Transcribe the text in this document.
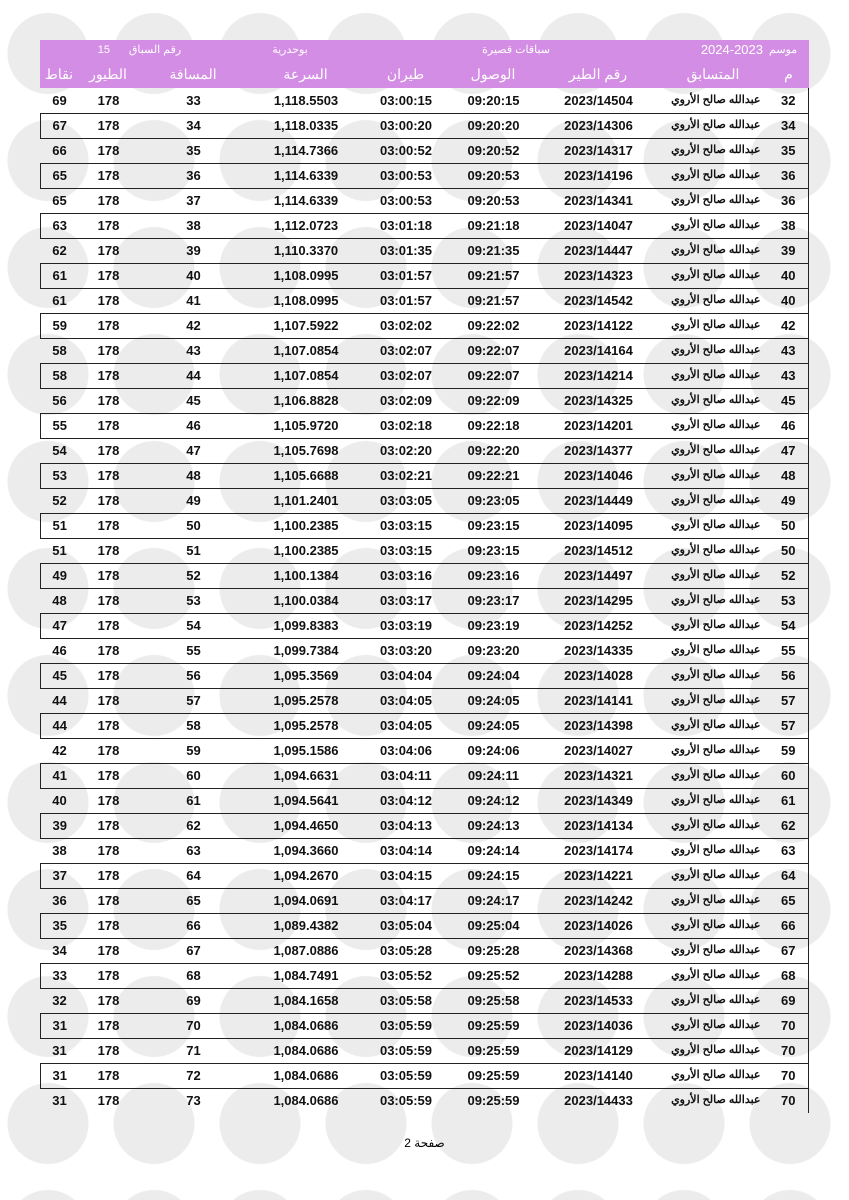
15	رقم السباق	بوحدرية	سباقات قصيرة	2024-2023 موسم
نقاط	الطيور	المسافة	السرعة	طيران	الوصول	رقم الطير	المتسابق	م
69	178	33	1,118.5503	03:00:15	09:20:15	2023/14504	عبدالله صالح الأروي	32
67	178	34	1,118.0335	03:00:20	09:20:20	2023/14306	عبدالله صالح الأروي	34
66	178	35	1,114.7366	03:00:52	09:20:52	2023/14317	عبدالله صالح الأروي	35
65	178	36	1,114.6339	03:00:53	09:20:53	2023/14196	عبدالله صالح الأروي	36
65	178	37	1,114.6339	03:00:53	09:20:53	2023/14341	عبدالله صالح الأروي	36
63	178	38	1,112.0723	03:01:18	09:21:18	2023/14047	عبدالله صالح الأروي	38
62	178	39	1,110.3370	03:01:35	09:21:35	2023/14447	عبدالله صالح الأروي	39
61	178	40	1,108.0995	03:01:57	09:21:57	2023/14323	عبدالله صالح الأروي	40
61	178	41	1,108.0995	03:01:57	09:21:57	2023/14542	عبدالله صالح الأروي	40
59	178	42	1,107.5922	03:02:02	09:22:02	2023/14122	عبدالله صالح الأروي	42
58	178	43	1,107.0854	03:02:07	09:22:07	2023/14164	عبدالله صالح الأروي	43
58	178	44	1,107.0854	03:02:07	09:22:07	2023/14214	عبدالله صالح الأروي	43
56	178	45	1,106.8828	03:02:09	09:22:09	2023/14325	عبدالله صالح الأروي	45
55	178	46	1,105.9720	03:02:18	09:22:18	2023/14201	عبدالله صالح الأروي	46
54	178	47	1,105.7698	03:02:20	09:22:20	2023/14377	عبدالله صالح الأروي	47
53	178	48	1,105.6688	03:02:21	09:22:21	2023/14046	عبدالله صالح الأروي	48
52	178	49	1,101.2401	03:03:05	09:23:05	2023/14449	عبدالله صالح الأروي	49
51	178	50	1,100.2385	03:03:15	09:23:15	2023/14095	عبدالله صالح الأروي	50
51	178	51	1,100.2385	03:03:15	09:23:15	2023/14512	عبدالله صالح الأروي	50
49	178	52	1,100.1384	03:03:16	09:23:16	2023/14497	عبدالله صالح الأروي	52
48	178	53	1,100.0384	03:03:17	09:23:17	2023/14295	عبدالله صالح الأروي	53
47	178	54	1,099.8383	03:03:19	09:23:19	2023/14252	عبدالله صالح الأروي	54
46	178	55	1,099.7384	03:03:20	09:23:20	2023/14335	عبدالله صالح الأروي	55
45	178	56	1,095.3569	03:04:04	09:24:04	2023/14028	عبدالله صالح الأروي	56
44	178	57	1,095.2578	03:04:05	09:24:05	2023/14141	عبدالله صالح الأروي	57
44	178	58	1,095.2578	03:04:05	09:24:05	2023/14398	عبدالله صالح الأروي	57
42	178	59	1,095.1586	03:04:06	09:24:06	2023/14027	عبدالله صالح الأروي	59
41	178	60	1,094.6631	03:04:11	09:24:11	2023/14321	عبدالله صالح الأروي	60
40	178	61	1,094.5641	03:04:12	09:24:12	2023/14349	عبدالله صالح الأروي	61
39	178	62	1,094.4650	03:04:13	09:24:13	2023/14134	عبدالله صالح الأروي	62
38	178	63	1,094.3660	03:04:14	09:24:14	2023/14174	عبدالله صالح الأروي	63
37	178	64	1,094.2670	03:04:15	09:24:15	2023/14221	عبدالله صالح الأروي	64
36	178	65	1,094.0691	03:04:17	09:24:17	2023/14242	عبدالله صالح الأروي	65
35	178	66	1,089.4382	03:05:04	09:25:04	2023/14026	عبدالله صالح الأروي	66
34	178	67	1,087.0886	03:05:28	09:25:28	2023/14368	عبدالله صالح الأروي	67
33	178	68	1,084.7491	03:05:52	09:25:52	2023/14288	عبدالله صالح الأروي	68
32	178	69	1,084.1658	03:05:58	09:25:58	2023/14533	عبدالله صالح الأروي	69
31	178	70	1,084.0686	03:05:59	09:25:59	2023/14036	عبدالله صالح الأروي	70
31	178	71	1,084.0686	03:05:59	09:25:59	2023/14129	عبدالله صالح الأروي	70
31	178	72	1,084.0686	03:05:59	09:25:59	2023/14140	عبدالله صالح الأروي	70
31	178	73	1,084.0686	03:05:59	09:25:59	2023/14433	عبدالله صالح الأروي	70
صفحة 2
